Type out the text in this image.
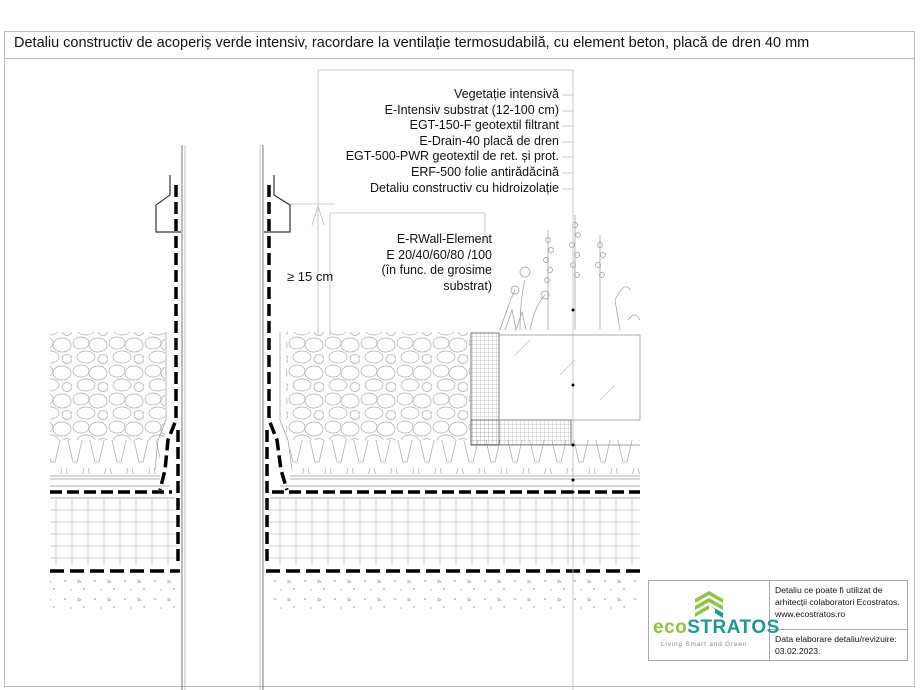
Detaliu constructiv de acoperiș verde intensiv, racordare la ventilație termosudabilă, cu element beton, placă de dren 40 mm
Vegetație intensivă
E-Intensiv substrat (12-100 cm)
EGT-150-F geotextil filtrant
E-Drain-40 placă de dren
EGT-500-PWR geotextil de ret. și prot.
ERF-500 folie antirădăcină
Detaliu constructiv cu hidroizolație
E-RWall-Element
E 20/40/60/80 /100
(în func. de grosime
substrat)
≥ 15 cm
ecoSTRATOS
Living Smart and Green
Detaliu ce poate fi utilizat de
arhitecții colaboratori Ecostratos.
www.ecostratos.ro
Data elaborare detaliu/revizuire:
03.02.2023.
